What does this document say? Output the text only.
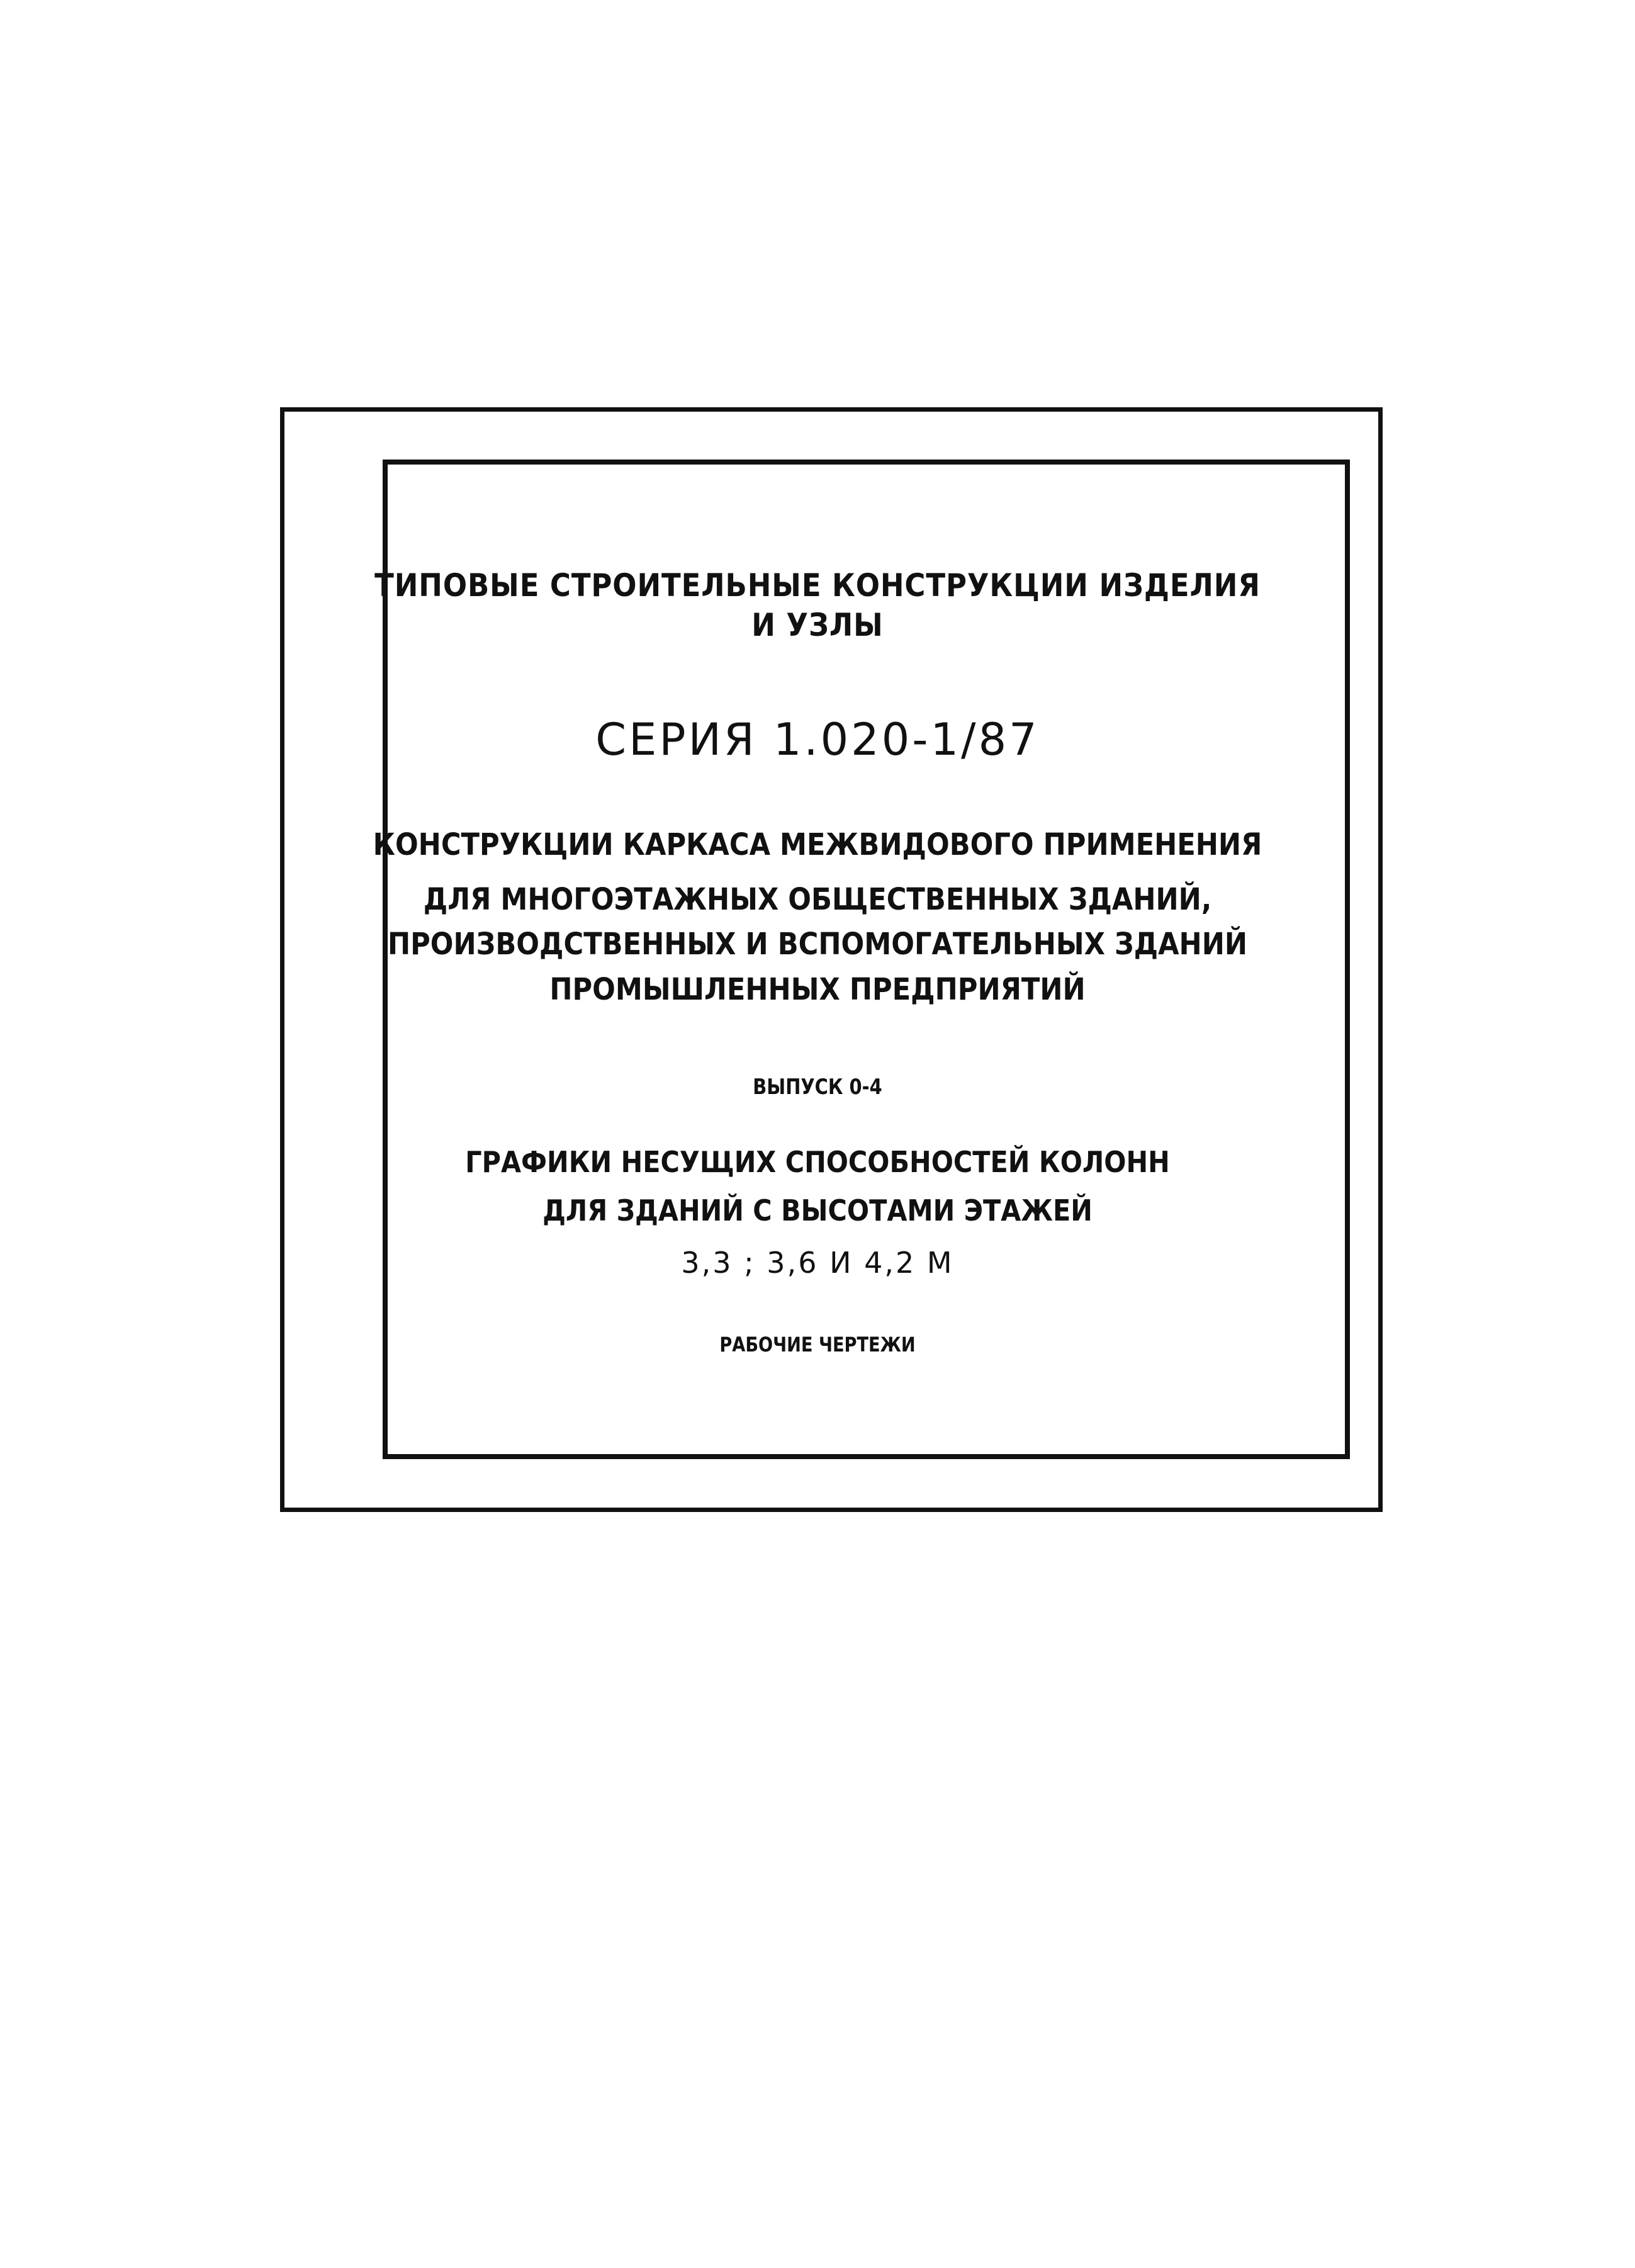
ТИПОВЫЕ СТРОИТЕЛЬНЫЕ КОНСТРУКЦИИ ИЗДЕЛИЯ
И УЗЛЫ
СЕРИЯ 1.020-1/87
КОНСТРУКЦИИ КАРКАСА МЕЖВИДОВОГО ПРИМЕНЕНИЯ
ДЛЯ МНОГОЭТАЖНЫХ ОБЩЕСТВЕННЫХ ЗДАНИЙ,
ПРОИЗВОДСТВЕННЫХ И ВСПОМОГАТЕЛЬНЫХ ЗДАНИЙ
ПРОМЫШЛЕННЫХ ПРЕДПРИЯТИЙ
ВЫПУСК 0-4
ГРАФИКИ НЕСУЩИХ СПОСОБНОСТЕЙ КОЛОНН
ДЛЯ ЗДАНИЙ С ВЫСОТАМИ ЭТАЖЕЙ
3,3 ; 3,6 И 4,2 М
РАБОЧИЕ ЧЕРТЕЖИ
